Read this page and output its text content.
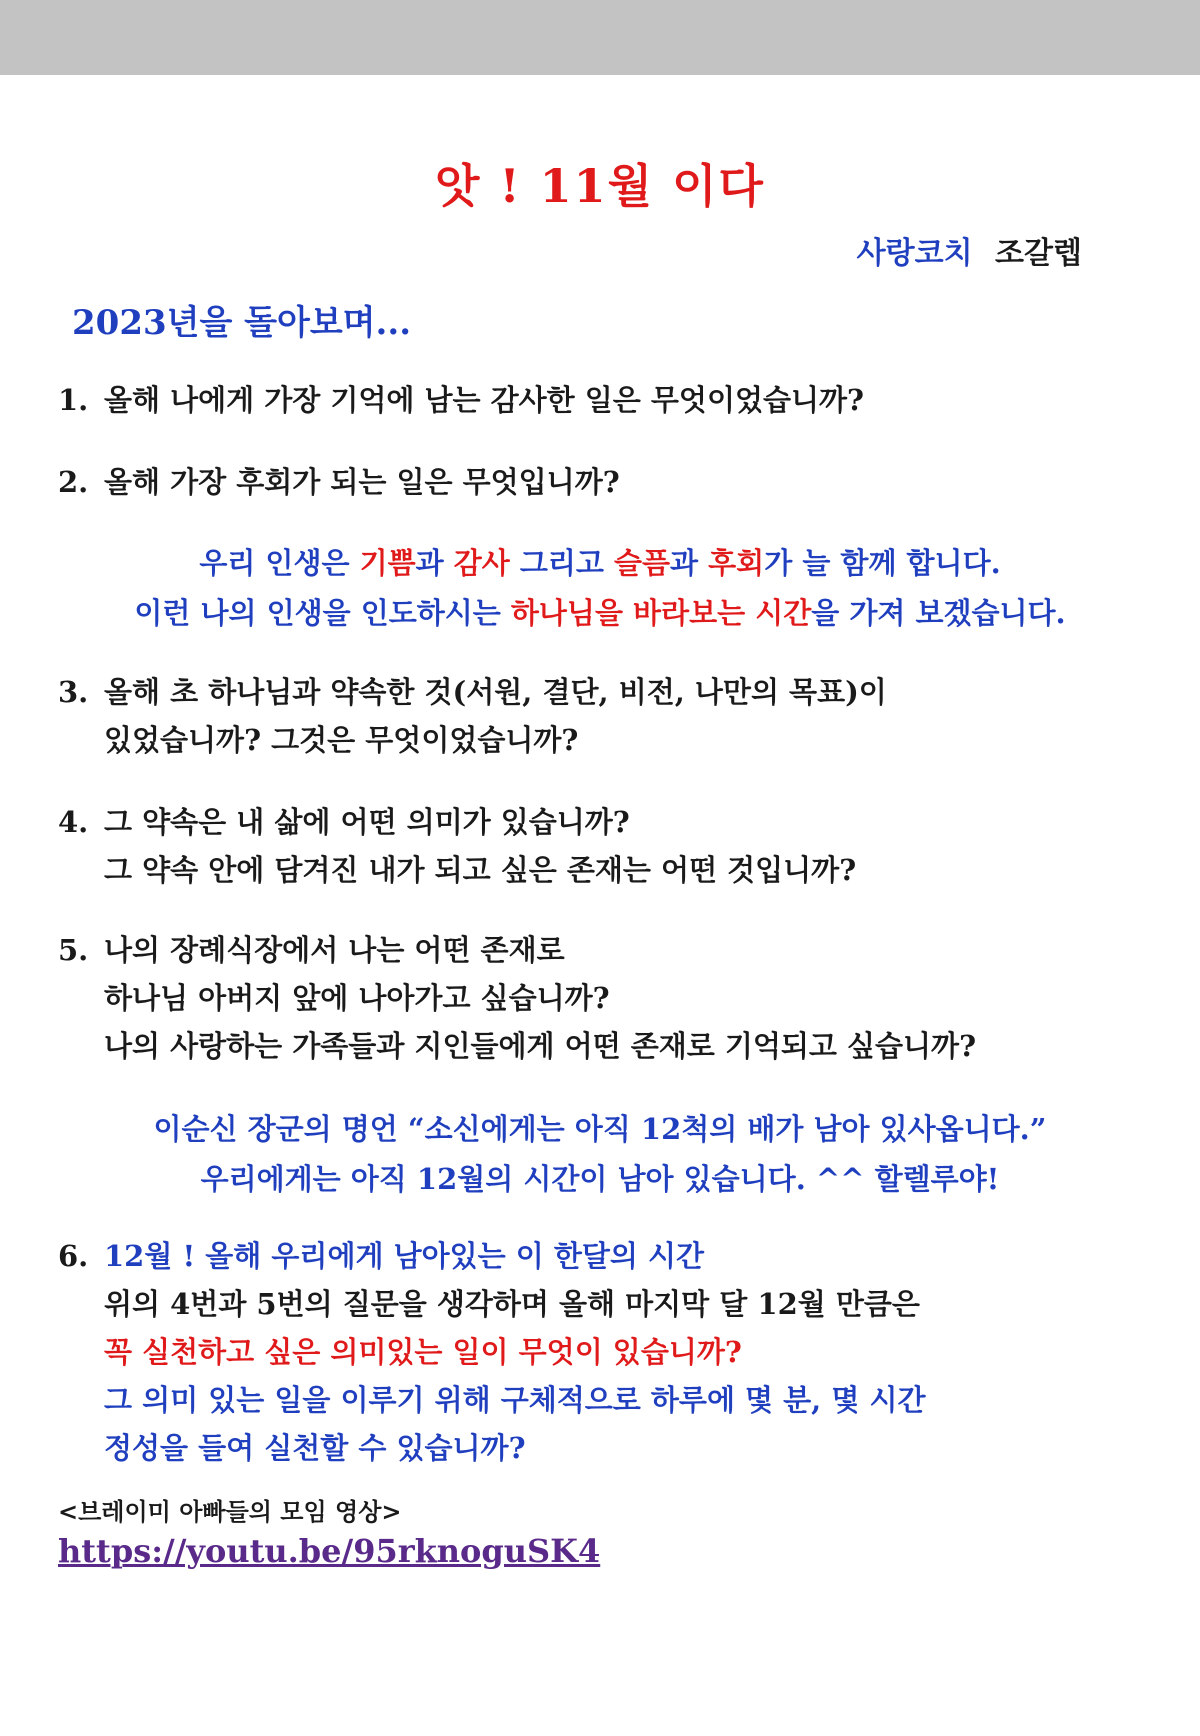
앗 ! 11월 이다
사랑코치 조갈렙
2023년을 돌아보며...
1. 올해 나에게 가장 기억에 남는 감사한 일은 무엇이었습니까?
2. 올해 가장 후회가 되는 일은 무엇입니까?
우리 인생은 기쁨과 감사 그리고 슬픔과 후회가 늘 함께 합니다.
이런 나의 인생을 인도하시는 하나님을 바라보는 시간을 가져 보겠습니다.
3. 올해 초 하나님과 약속한 것(서원, 결단, 비전, 나만의 목표)이
있었습니까? 그것은 무엇이었습니까?
4. 그 약속은 내 삶에 어떤 의미가 있습니까?
그 약속 안에 담겨진 내가 되고 싶은 존재는 어떤 것입니까?
5. 나의 장례식장에서 나는 어떤 존재로
하나님 아버지 앞에 나아가고 싶습니까?
나의 사랑하는 가족들과 지인들에게 어떤 존재로 기억되고 싶습니까?
이순신 장군의 명언 “소신에게는 아직 12척의 배가 남아 있사옵니다.”
우리에게는 아직 12월의 시간이 남아 있습니다. ^^ 할렐루야!
6. 12월 ! 올해 우리에게 남아있는 이 한달의 시간
위의 4번과 5번의 질문을 생각하며 올해 마지막 달 12월 만큼은
꼭 실천하고 싶은 의미있는 일이 무엇이 있습니까?
그 의미 있는 일을 이루기 위해 구체적으로 하루에 몇 분, 몇 시간
정성을 들여 실천할 수 있습니까?
<브레이미 아빠들의 모임 영상>
https://youtu.be/95rknoguSK4
